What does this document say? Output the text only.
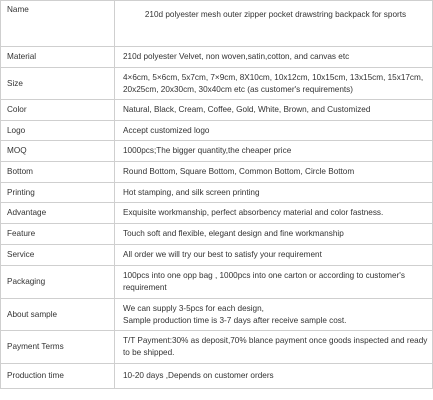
Name	210d polyester mesh outer zipper pocket drawstring backpack for sports

Material	210d polyester Velvet, non woven,satin,cotton, and canvas etc

Size	4×6cm, 5×6cm, 5x7cm, 7×9cm, 8X10cm, 10x12cm, 10x15cm, 13x15cm, 15x17cm,
20x25cm, 20x30cm, 30x40cm etc (as customer's requirements)

Color	Natural, Black, Cream, Coffee, Gold, White, Brown, and Customized

Logo	Accept customized logo

MOQ	1000pcs;The bigger quantity,the cheaper price

Bottom	Round Bottom, Square Bottom, Common Bottom, Circle Bottom

Printing	Hot stamping, and silk screen printing

Advantage	Exquisite workmanship, perfect absorbency material and color fastness.

Feature	Touch soft and flexible, elegant design and fine workmanship

Service	All order we will try our best to satisfy your requirement

Packaging	100pcs into one opp bag , 1000pcs into one carton or according to customer's
requirement

About sample	We can supply 3-5pcs for each design,
Sample production time is 3-7 days after receive sample cost.

Payment Terms	T/T Payment:30% as deposit,70% blance payment once goods inspected and ready
to be shipped.

Production time	10-20 days ,Depends on customer orders
